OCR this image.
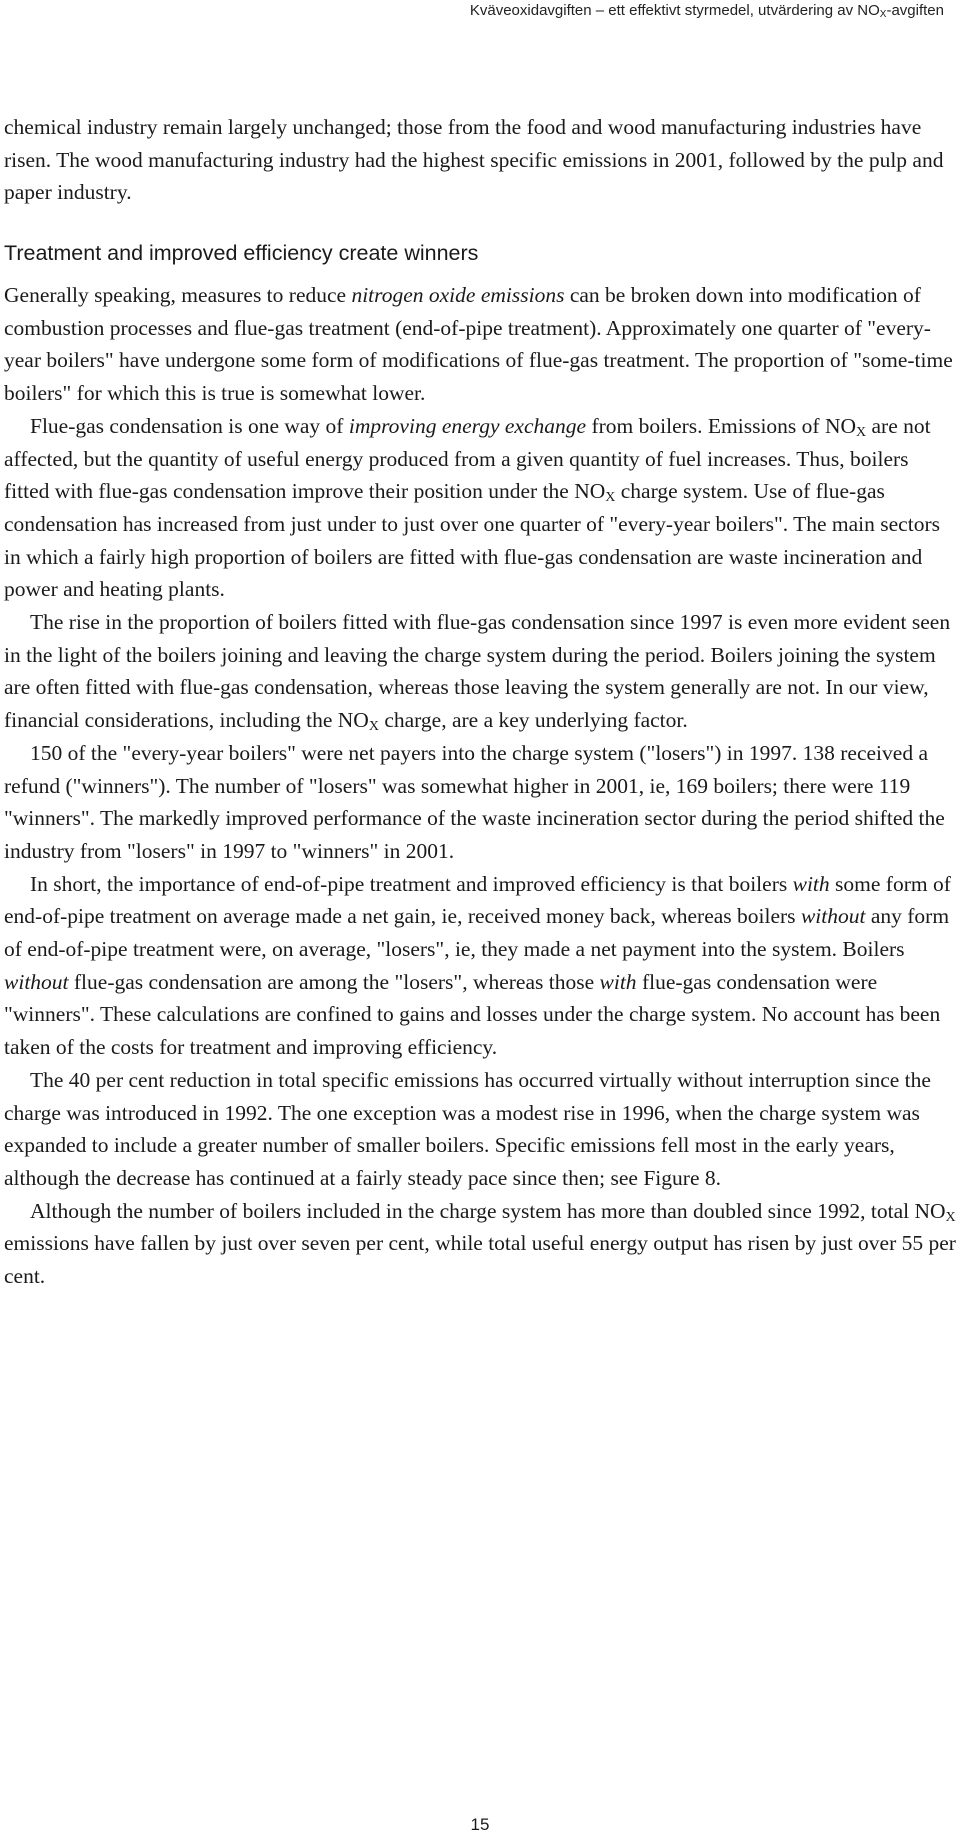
Kväveoxidavgiften – ett effektivt styrmedel, utvärdering av $NO_X$-avgiften

chemical industry remain largely unchanged; those from the food and wood manufacturing industries have risen. The wood manufacturing industry had the highest specific emissions in 2001, followed by the pulp and paper industry.

Treatment and improved efficiency create winners

Generally speaking, measures to reduce nitrogen oxide emissions can be broken down into modification of combustion processes and flue-gas treatment (end-of-pipe treatment). Approximately one quarter of "every-year boilers" have undergone some form of modifications of flue-gas treatment. The proportion of "some-time boilers" for which this is true is somewhat lower.

Flue-gas condensation is one way of improving energy exchange from boilers. Emissions of $NO_X$ are not affected, but the quantity of useful energy produced from a given quantity of fuel increases. Thus, boilers fitted with flue-gas condensation improve their position under the $NO_X$ charge system. Use of flue-gas condensation has increased from just under to just over one quarter of "every-year boilers". The main sectors in which a fairly high proportion of boilers are fitted with flue-gas condensation are waste incineration and power and heating plants.

The rise in the proportion of boilers fitted with flue-gas condensation since 1997 is even more evident seen in the light of the boilers joining and leaving the charge system during the period. Boilers joining the system are often fitted with flue-gas condensation, whereas those leaving the system generally are not. In our view, financial considerations, including the $NO_X$ charge, are a key underlying factor.

150 of the "every-year boilers" were net payers into the charge system ("losers") in 1997. 138 received a refund ("winners"). The number of "losers" was somewhat higher in 2001, ie, 169 boilers; there were 119 "winners". The markedly improved performance of the waste incineration sector during the period shifted the industry from "losers" in 1997 to "winners" in 2001.

In short, the importance of end-of-pipe treatment and improved efficiency is that boilers with some form of end-of-pipe treatment on average made a net gain, ie, received money back, whereas boilers without any form of end-of-pipe treatment were, on average, "losers", ie, they made a net payment into the system. Boilers without flue-gas condensation are among the "losers", whereas those with flue-gas condensation were "winners". These calculations are confined to gains and losses under the charge system. No account has been taken of the costs for treatment and improving efficiency.

The 40 per cent reduction in total specific emissions has occurred virtually without interruption since the charge was introduced in 1992. The one exception was a modest rise in 1996, when the charge system was expanded to include a greater number of smaller boilers. Specific emissions fell most in the early years, although the decrease has continued at a fairly steady pace since then; see Figure 8.

Although the number of boilers included in the charge system has more than doubled since 1992, total $NO_X$ emissions have fallen by just over seven per cent, while total useful energy output has risen by just over 55 per cent.

15
